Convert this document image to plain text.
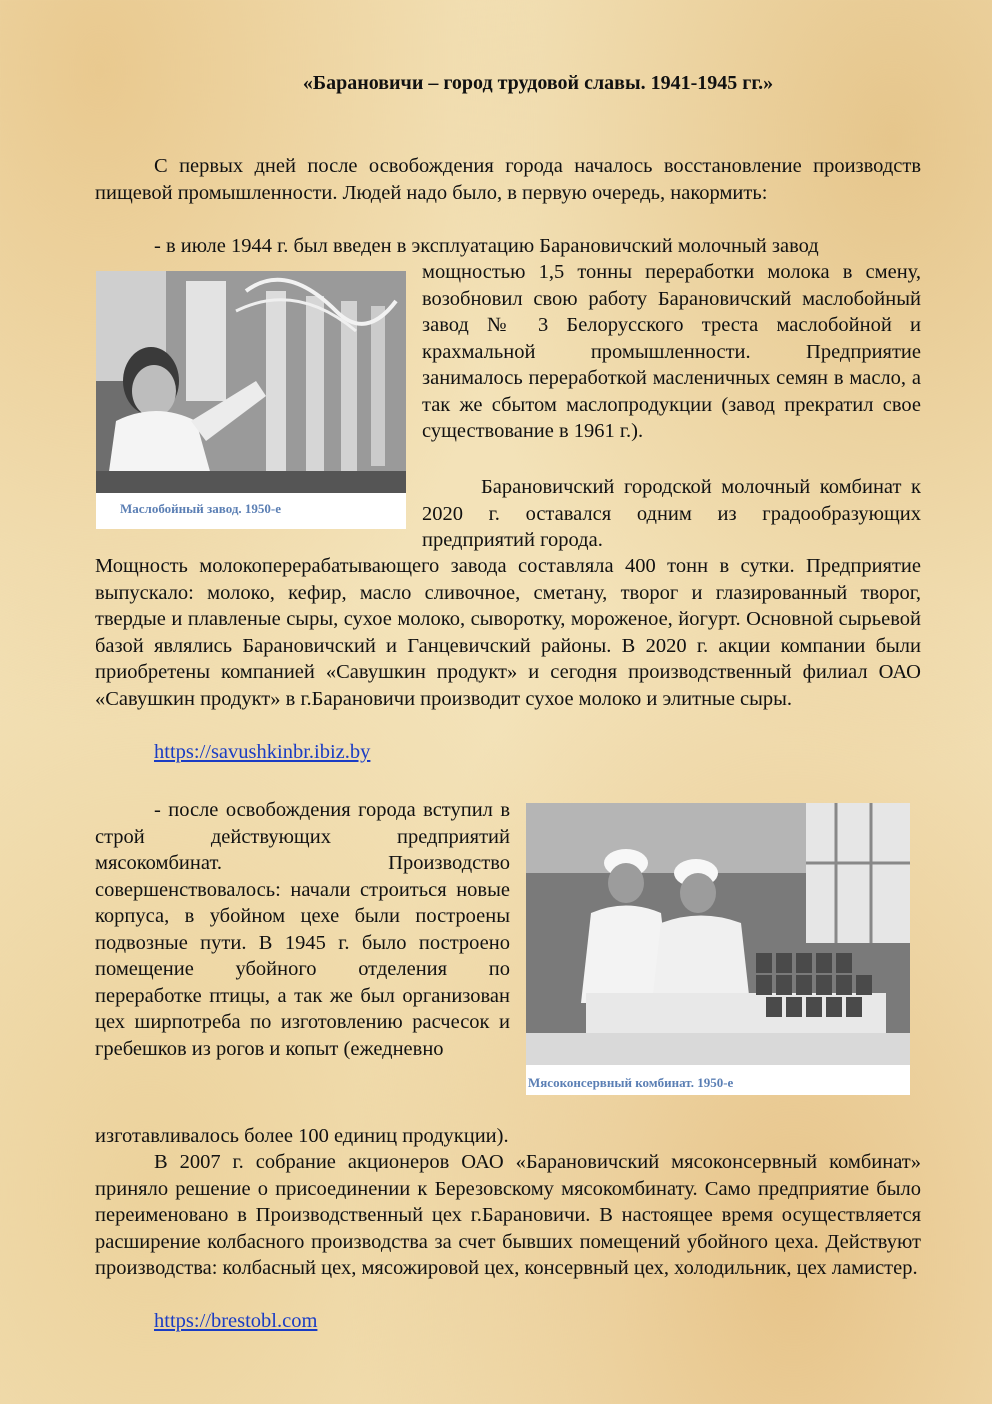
«Барановичи – город трудовой славы. 1941-1945 гг.»
С первых дней после освобождения города началось восстановление производств пищевой промышленности. Людей надо было, в первую очередь, накормить:
- в июле 1944 г. был введен в эксплуатацию Барановичский молочный завод
Маслобойный завод. 1950-е
мощностью 1,5 тонны переработки молока в смену, возобновил свою работу Барановичский маслобойный завод № 3 Белорусского треста маслобойной и крахмальной промышленности. Предприятие занималось переработкой масленичных семян в масло, а так же сбытом маслопродукции (завод прекратил свое существование в 1961 г.).
Барановичский городской молочный комбинат к 2020 г. оставался одним из градообразующих предприятий города.
Мощность молокоперерабатывающего завода составляла 400 тонн в сутки. Предприятие выпускало: молоко, кефир, масло сливочное, сметану, творог и глазированный творог, твердые и плавленые сыры, сухое молоко, сыворотку, мороженое, йогурт. Основной сырьевой базой являлись Барановичский и Ганцевичский районы. В 2020 г. акции компании были приобретены компанией «Савушкин продукт» и сегодня производственный филиал ОАО «Савушкин продукт» в г.Барановичи производит сухое молоко и элитные сыры.
https://savushkinbr.ibiz.by
- после освобождения города вступил в строй действующих предприятий мясокомбинат. Производство совершенствовалось: начали строиться новые корпуса, в убойном цехе были построены подвозные пути. В 1945 г. было построено помещение убойного отделения по переработке птицы, а так же был организован цех ширпотреба по изготовлению расчесок и гребешков из рогов и копыт (ежедневно
Мясоконсервный комбинат. 1950-е
изготавливалось более 100 единиц продукции).
В 2007 г. собрание акционеров ОАО «Барановичский мясоконсервный комбинат» приняло решение о присоединении к Березовскому мясокомбинату. Само предприятие было переименовано в Производственный цех г.Барановичи. В настоящее время осуществляется расширение колбасного производства за счет бывших помещений убойного цеха. Действуют производства: колбасный цех, мясожировой цех, консервный цех, холодильник, цех ламистер.
https://brestobl.com
